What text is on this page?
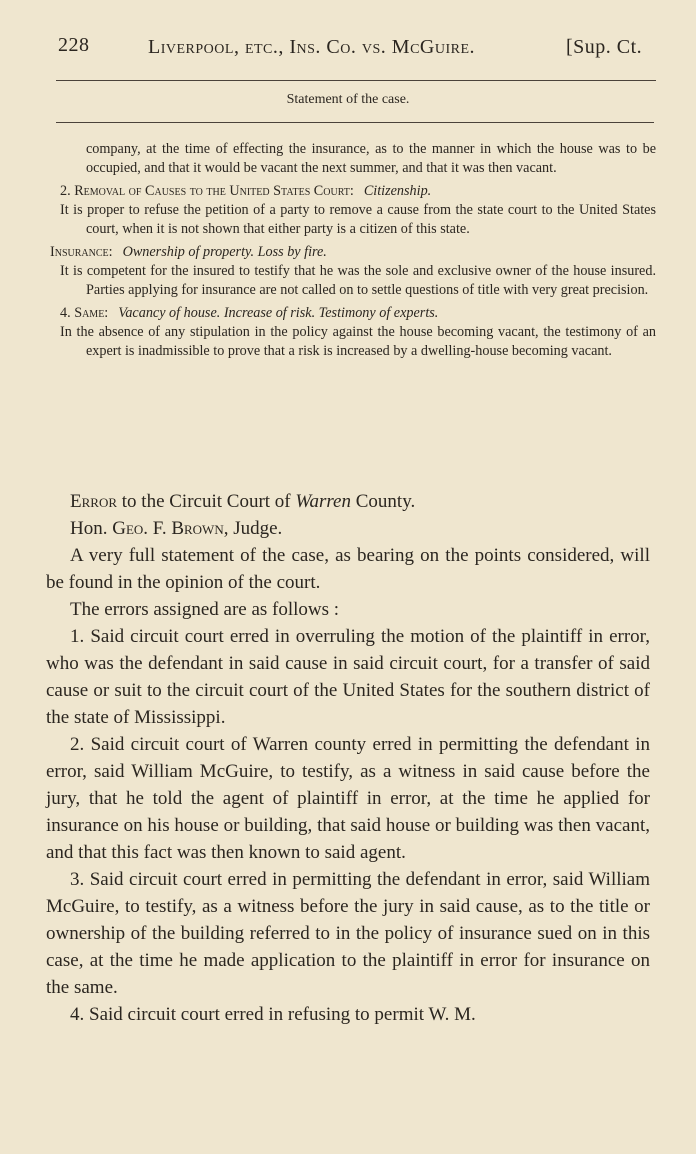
228	Liverpool, etc., Ins. Co. vs. McGuire.	[Sup. Ct.
Statement of the case.

company, at the time of effecting the insurance, as to the manner in which the house was to be occupied, and that it would be vacant the next summer, and that it was then vacant.

2. Removal of Causes to the United States Court: Citizenship.

It is proper to refuse the petition of a party to remove a cause from the state court to the United States court, when it is not shown that either party is a citizen of this state.

Insurance: Ownership of property. Loss by fire.

It is competent for the insured to testify that he was the sole and exclusive owner of the house insured. Parties applying for insurance are not called on to settle questions of title with very great precision.

4. Same: Vacancy of house. Increase of risk. Testimony of experts.

In the absence of any stipulation in the policy against the house becoming vacant, the testimony of an expert is inadmissible to prove that a risk is increased by a dwelling-house becoming vacant.

Error to the Circuit Court of Warren County.

Hon. Geo. F. Brown, Judge.

A very full statement of the case, as bearing on the points considered, will be found in the opinion of the court.

The errors assigned are as follows :

1. Said circuit court erred in overruling the motion of the plaintiff in error, who was the defendant in said cause in said circuit court, for a transfer of said cause or suit to the circuit court of the United States for the southern district of the state of Mississippi.

2. Said circuit court of Warren county erred in permitting the defendant in error, said William McGuire, to testify, as a witness in said cause before the jury, that he told the agent of plaintiff in error, at the time he applied for insurance on his house or building, that said house or building was then vacant, and that this fact was then known to said agent.

3. Said circuit court erred in permitting the defendant in error, said William McGuire, to testify, as a witness before the jury in said cause, as to the title or ownership of the building referred to in the policy of insurance sued on in this case, at the time he made application to the plaintiff in error for insurance on the same.

4. Said circuit court erred in refusing to permit W. M.
